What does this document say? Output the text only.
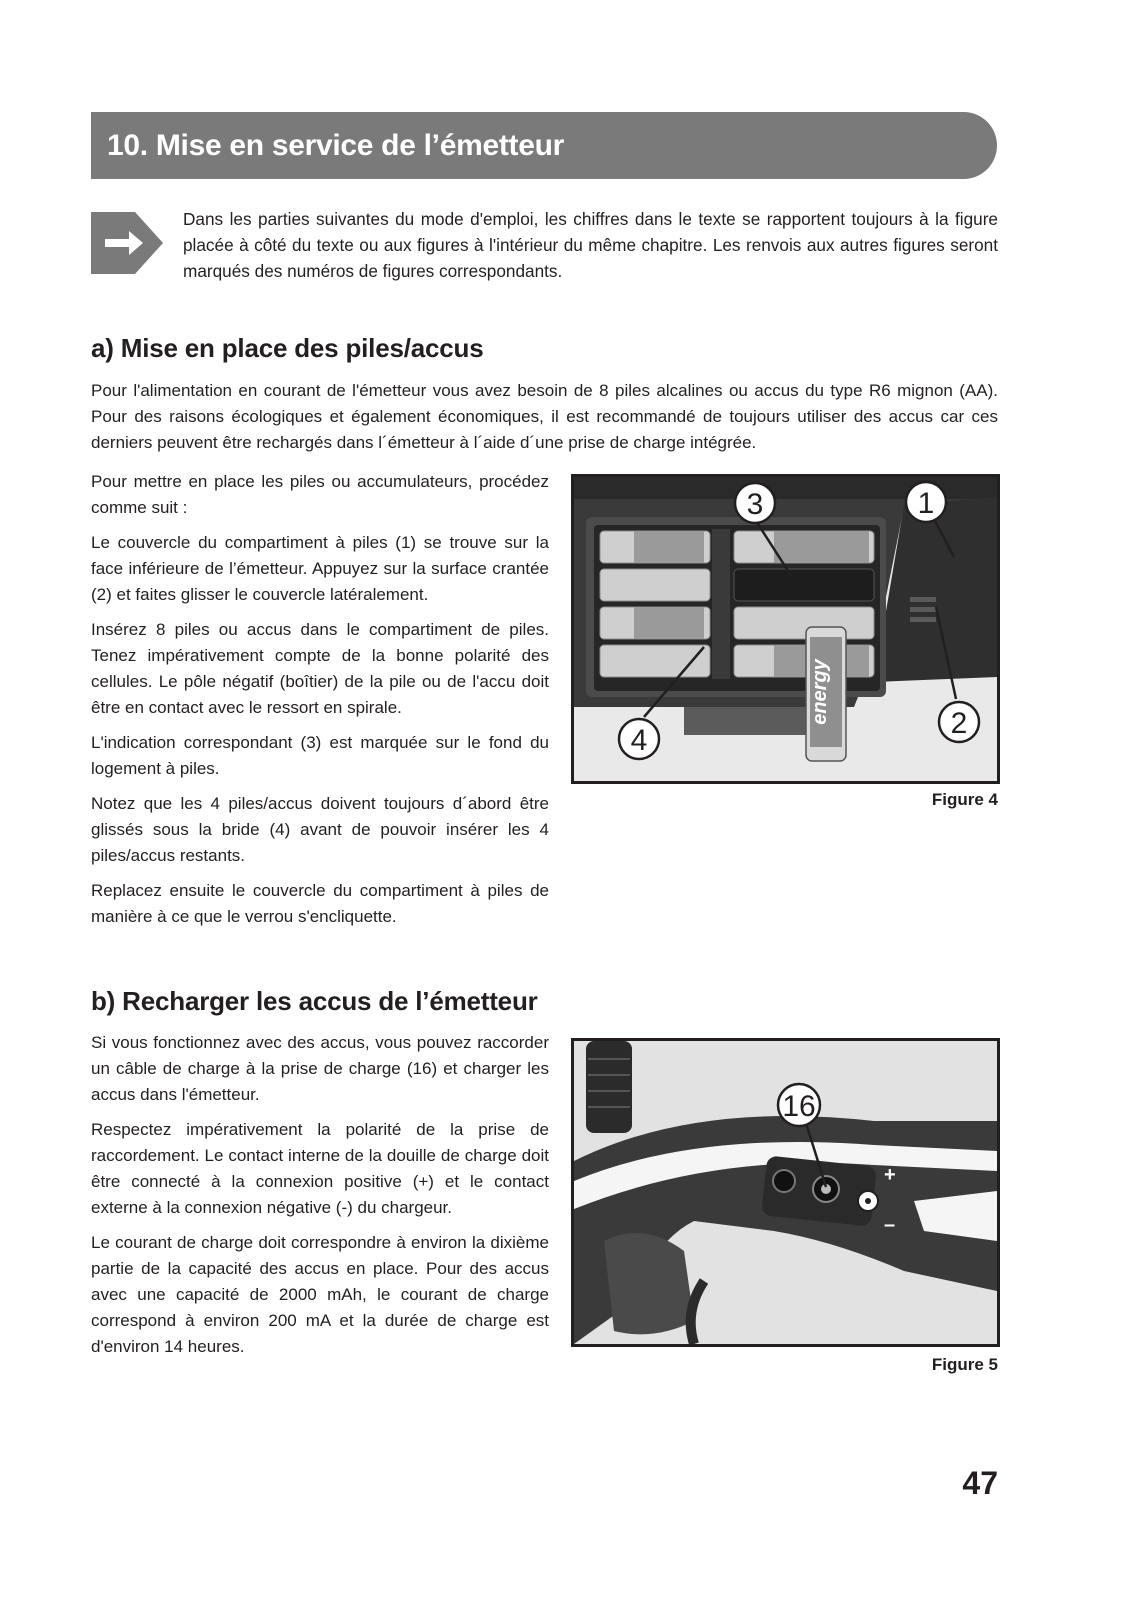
10. Mise en service de l’émetteur

Dans les parties suivantes du mode d'emploi, les chiffres dans le texte se rapportent toujours à la figure placée à côté du texte ou aux figures à l'intérieur du même chapitre. Les renvois aux autres figures seront marqués des numéros de figures correspondants.

a) Mise en place des piles/accus

Pour l'alimentation en courant de l'émetteur vous avez besoin de 8 piles alcalines ou accus du type R6 mignon (AA). Pour des raisons écologiques et également économiques, il est recommandé de toujours utiliser des accus car ces derniers peuvent être rechargés dans l´émetteur à l´aide d´une prise de charge intégrée.

Pour mettre en place les piles ou accumulateurs, procédez comme suit :

Le couvercle du compartiment à piles (1) se trouve sur la face inférieure de l’émetteur. Appuyez sur la surface crantée (2) et faites glisser le couvercle latéralement.

Insérez 8 piles ou accus dans le compartiment de piles. Tenez impérativement compte de la bonne polarité des cellules. Le pôle négatif (boîtier) de la pile ou de l'accu doit être en contact avec le ressort en spirale.

L'indication correspondant (3) est marquée sur le fond du logement à piles.

Notez que les 4 piles/accus doivent toujours d´abord être glissés sous la bride (4) avant de pouvoir insérer les 4 piles/accus restants.

Replacez ensuite le couvercle du compartiment à piles de manière à ce que le verrou s'encliquette.

energy
3	1
2
4

Figure 4

b) Recharger les accus de l’émetteur

Si vous fonctionnez avec des accus, vous pouvez raccorder un câble de charge à la prise de charge (16) et charger les accus dans l'émetteur.

Respectez impérativement la polarité de la prise de raccordement. Le contact interne de la douille de charge doit être connecté à la connexion positive (+) et le contact externe à la connexion négative (-) du chargeur.

Le courant de charge doit correspondre à environ la dixième partie de la capacité des accus en place. Pour des accus avec une capacité de 2000 mAh, le courant de charge correspond à environ 200 mA et la durée de charge est d'environ 14 heures.

+
–
16

Figure 5

47
